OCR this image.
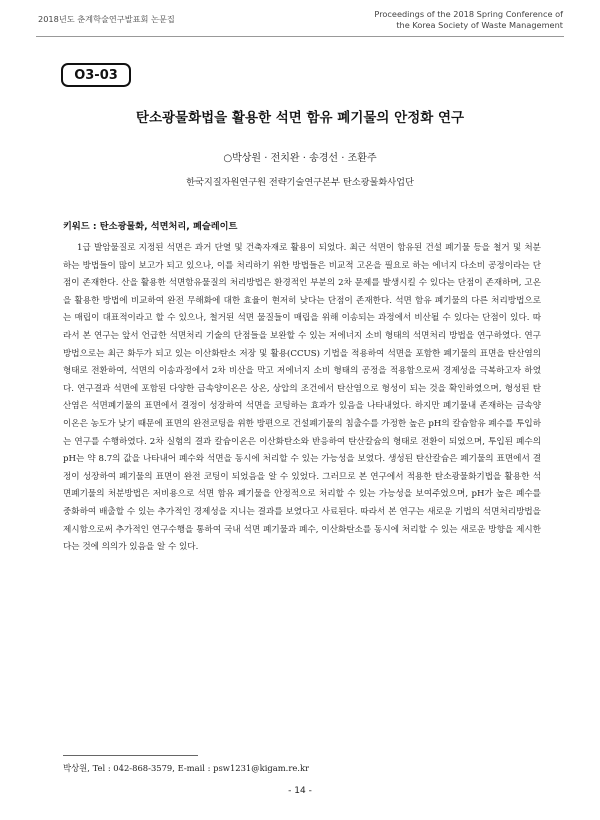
2018년도 춘계학술연구발표회 논문집	Proceedings of the 2018 Spring Conference of
the Korea Society of Waste Management
O3-03
탄소광물화법을 활용한 석면 함유 폐기물의 안정화 연구
○박상원 · 전치완 · 송경선 · 조환주
한국지질자원연구원 전략기술연구본부 탄소광물화사업단
키워드 : 탄소광물화, 석면처리, 폐슬레이트

1급 발암물질로 지정된 석면은 과거 단열 및 건축자재로 활용이 되었다. 최근 석면이 함유된 건설 폐기물 등을 철거 및 처분하는 방법들이 많이 보고가 되고 있으나, 이를 처리하기 위한 방법들은 비교적 고온을 필요로 하는 에너지 다소비 공정이라는 단점이 존재한다. 산을 활용한 석면함유물질의 처리방법은 환경적인 부분의 2차 문제를 발생시킬 수 있다는 단점이 존재하며, 고온을 활용한 방법에 비교하여 완전 무해화에 대한 효율이 현저히 낮다는 단점이 존재한다. 석면 함유 폐기물의 다른 처리방법으로는 매립이 대표적이라고 할 수 있으나, 철거된 석면 물질들이 매립을 위해 이송되는 과정에서 비산될 수 있다는 단점이 있다. 따라서 본 연구는 앞서 언급한 석면처리 기술의 단점들을 보완할 수 있는 저에너지 소비 형태의 석면처리 방법을 연구하였다. 연구방법으로는 최근 화두가 되고 있는 이산화탄소 저장 및 활용(CCUS) 기법을 적용하여 석면을 포함한 폐기물의 표면을 탄산염의 형태로 전환하여, 석면의 이송과정에서 2차 비산을 막고 저에너지 소비 형태의 공정을 적용함으로써 경제성을 극복하고자 하였다. 연구결과 석면에 포함된 다양한 금속양이온은 상온, 상압의 조건에서 탄산염으로 형성이 되는 것을 확인하였으며, 형성된 탄산염은 석면폐기물의 표면에서 결정이 성장하여 석면을 코팅하는 효과가 있음을 나타내었다. 하지만 폐기물내 존재하는 금속양이온은 농도가 낮기 때문에 표면의 완전코팅을 위한 방편으로 건설폐기물의 침출수를 가정한 높은 pH의 칼슘함유 폐수를 투입하는 연구를 수행하였다. 2차 실험의 결과 칼슘이온은 이산화탄소와 반응하여 탄산칼슘의 형태로 전환이 되었으며, 투입된 폐수의 pH는 약 8.7의 값을 나타내어 폐수와 석면을 동시에 처리할 수 있는 가능성을 보였다. 생성된 탄산칼슘은 폐기물의 표면에서 결정이 성장하여 폐기물의 표면이 완전 코팅이 되었음을 알 수 있었다. 그러므로 본 연구에서 적용한 탄소광물화기법을 활용한 석면폐기물의 처분방법은 저비용으로 석면 함유 폐기물을 안정적으로 처리할 수 있는 가능성을 보여주었으며, pH가 높은 폐수를 중화하여 배출할 수 있는 추가적인 경제성을 지니는 결과를 보였다고 사료된다. 따라서 본 연구는 새로운 기법의 석면처리방법을 제시함으로써 추가적인 연구수행을 통하여 국내 석면 폐기물과 폐수, 이산화탄소를 동시에 처리할 수 있는 새로운 방향을 제시한다는 것에 의의가 있음을 알 수 있다.

박상원, Tel : 042-868-3579, E-mail : psw1231@kigam.re.kr
- 14 -
